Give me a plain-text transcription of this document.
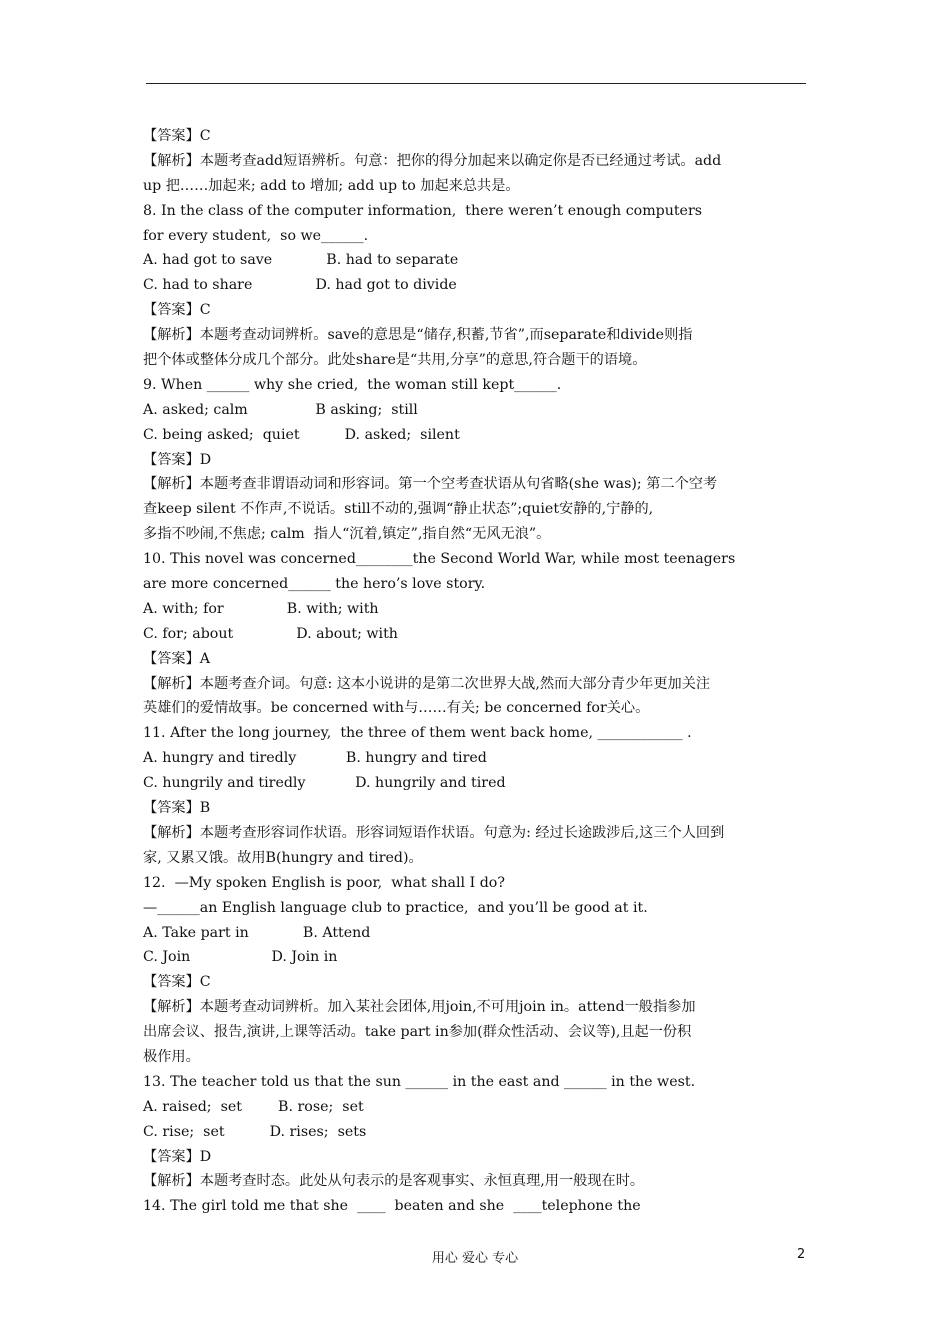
【答案】C
【解析】本题考查add短语辨析。句意：把你的得分加起来以确定你是否已经通过考试。add
up 把……加起来; add to 增加; add up to 加起来总共是。
8. In the class of the computer information,  there weren’t enough computers
for every student,  so we______.
A. had got to save            B. had to separate
C. had to share              D. had got to divide
【答案】C
【解析】本题考查动词辨析。save的意思是“储存,积蓄,节省”,而separate和divide则指
把个体或整体分成几个部分。此处share是“共用,分享”的意思,符合题干的语境。
9. When ______ why she cried,  the woman still kept______.
A. asked; calm               B asking;  still
C. being asked;  quiet          D. asked;  silent
【答案】D
【解析】本题考查非谓语动词和形容词。第一个空考查状语从句省略(she was); 第二个空考
查keep silent 不作声,不说话。still不动的,强调“静止状态”;quiet安静的,宁静的,
多指不吵闹,不焦虑; calm  指人“沉着,镇定”,指自然“无风无浪”。
10. This novel was concerned________the Second World War, while most teenagers
are more concerned______ the hero’s love story.
A. with; for              B. with; with
C. for; about              D. about; with
【答案】A
【解析】本题考查介词。句意: 这本小说讲的是第二次世界大战,然而大部分青少年更加关注
英雄们的爱情故事。be concerned with与……有关; be concerned for关心。
11. After the long journey,  the three of them went back home, ____________ .
A. hungry and tiredly           B. hungry and tired
C. hungrily and tiredly           D. hungrily and tired
【答案】B
【解析】本题考查形容词作状语。形容词短语作状语。句意为: 经过长途跋涉后,这三个人回到
家, 又累又饿。故用B(hungry and tired)。
12.  —My spoken English is poor,  what shall I do?
—______an English language club to practice,  and you’ll be good at it.
A. Take part in            B. Attend
C. Join                  D. Join in
【答案】C
【解析】本题考查动词辨析。加入某社会团体,用join,不可用join in。attend一般指参加
出席会议、报告,演讲,上课等活动。take part in参加(群众性活动、会议等),且起一份积
极作用。
13. The teacher told us that the sun ______ in the east and ______ in the west.
A. raised;  set        B. rose;  set
C. rise;  set          D. rises;  sets
【答案】D
【解析】本题考查时态。此处从句表示的是客观事实、永恒真理,用一般现在时。
14. The girl told me that she  ____  beaten and she  ____telephone the
用心 爱心 专心	2
